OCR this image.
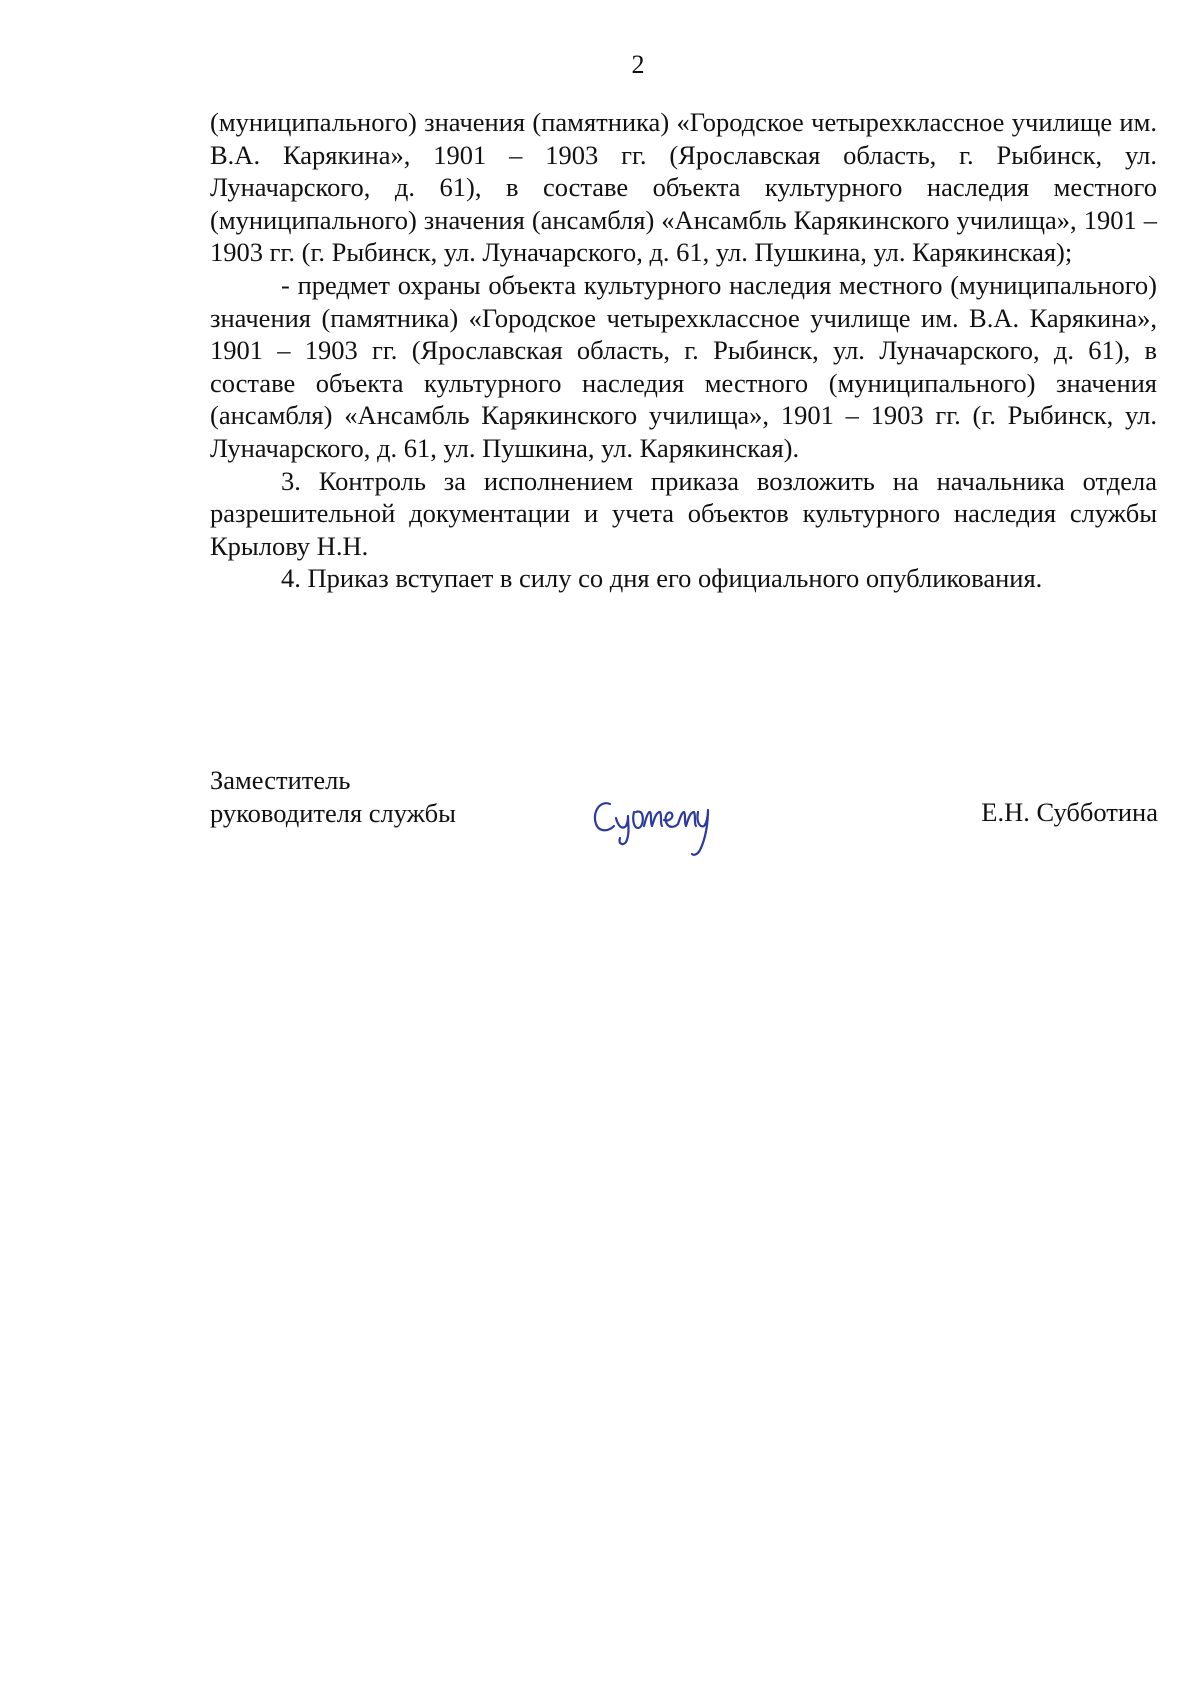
2

(муниципального) значения (памятника) «Городское четырехклассное училище им. В.А. Карякина», 1901 – 1903 гг. (Ярославская область, г. Рыбинск, ул. Луначарского, д. 61), в составе объекта культурного наследия местного (муниципального) значения (ансамбля) «Ансамбль Карякинского училища», 1901 – 1903 гг. (г. Рыбинск, ул. Луначарского, д. 61, ул. Пушкина, ул. Карякинская);

- предмет охраны объекта культурного наследия местного (муниципального) значения (памятника) «Городское четырехклассное училище им. В.А. Карякина», 1901 – 1903 гг. (Ярославская область, г. Рыбинск, ул. Луначарского, д. 61), в составе объекта культурного наследия местного (муниципального) значения (ансамбля) «Ансамбль Карякинского училища», 1901 – 1903 гг. (г. Рыбинск, ул. Луначарского, д. 61, ул. Пушкина, ул. Карякинская).

3. Контроль за исполнением приказа возложить на начальника отдела разрешительной документации и учета объектов культурного наследия службы Крылову Н.Н.

4. Приказ вступает в силу со дня его официального опубликования.

Заместитель
руководителя службы	Е.Н. Субботина
